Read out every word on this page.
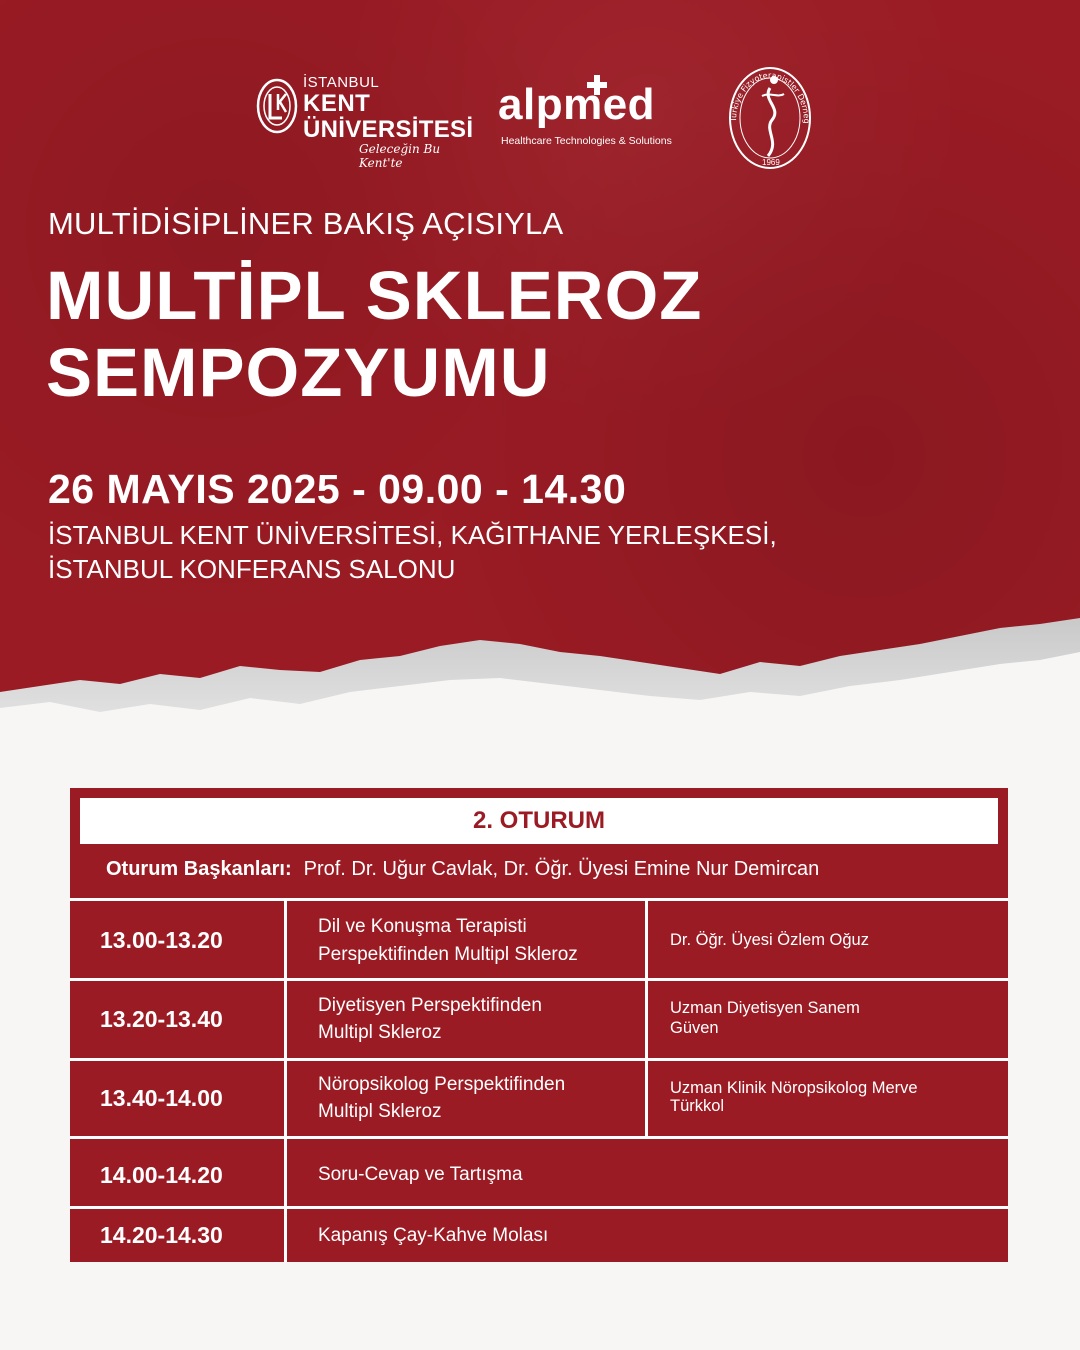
İSTANBUL
KENT
ÜNİVERSİTESİ
Geleceğin Bu Kent'te
alpmed
Healthcare Technologies & Solutions
Türkiye Fizyoterapistler Derneğ
1969
MULTİDİSİPLİNER BAKIŞ AÇISIYLA
MULTİPL SKLEROZ
SEMPOZYUMU
26 MAYIS 2025 - 09.00 - 14.30
İSTANBUL KENT ÜNİVERSİTESİ, KAĞITHANE YERLEŞKESİ,
İSTANBUL KONFERANS SALONU
2. OTURUM
Oturum Başkanları: Prof. Dr. Uğur Cavlak, Dr. Öğr. Üyesi Emine Nur Demircan
13.00-13.20
Dil ve Konuşma Terapisti
Perspektifinden Multipl Skleroz
Dr. Öğr. Üyesi Özlem Oğuz
13.20-13.40
Diyetisyen Perspektifinden
Multipl Skleroz
Uzman Diyetisyen Sanem
Güven
13.40-14.00
Nöropsikolog Perspektifinden
Multipl Skleroz
Uzman Klinik Nöropsikolog Merve
Türkkol
14.00-14.20	Soru-Cevap ve Tartışma
14.20-14.30	Kapanış Çay-Kahve Molası
